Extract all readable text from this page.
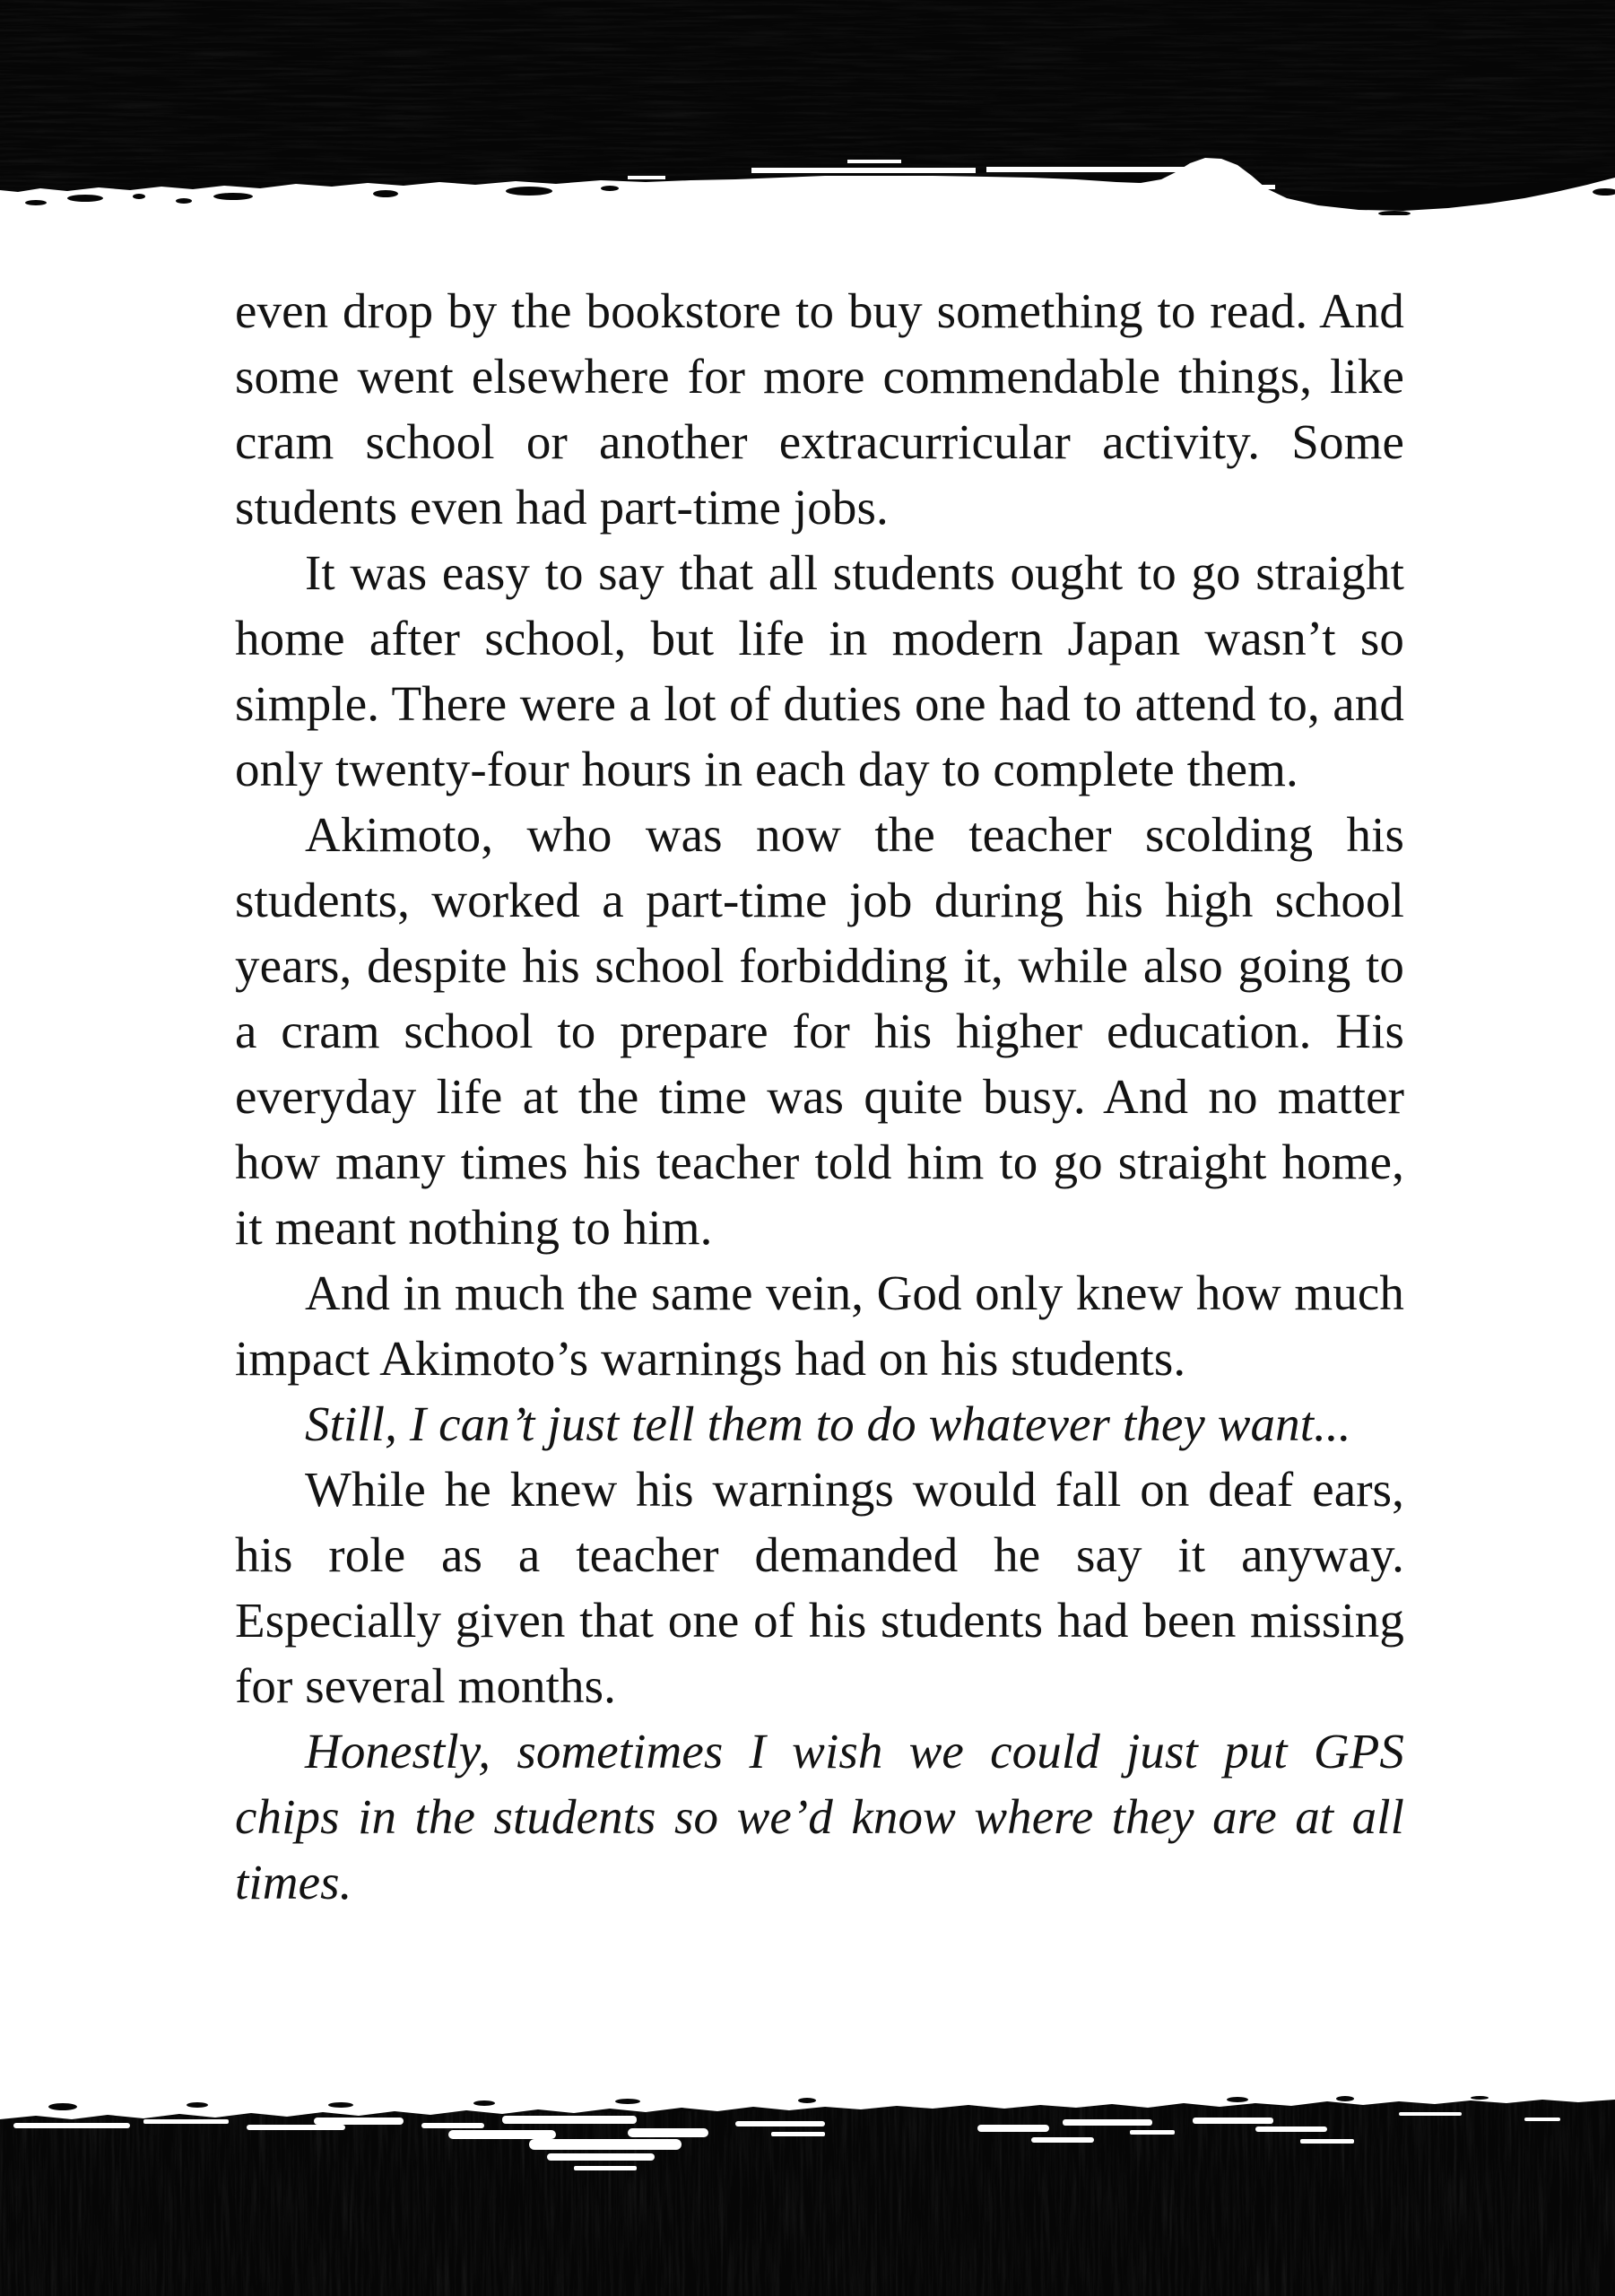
even drop by the bookstore to buy something to read. And some went elsewhere for more commendable things, like cram school or another extracurricular activity. Some students even had part-time jobs.

It was easy to say that all students ought to go straight home after school, but life in modern Japan wasn’t so simple. There were a lot of duties one had to attend to, and only twenty-four hours in each day to complete them.

Akimoto, who was now the teacher scolding his students, worked a part-time job during his high school years, despite his school forbidding it, while also going to a cram school to prepare for his higher education. His everyday life at the time was quite busy. And no matter how many times his teacher told him to go straight home, it meant nothing to him.

And in much the same vein, God only knew how much impact Akimoto’s warnings had on his students.

Still, I can’t just tell them to do whatever they want...

While he knew his warnings would fall on deaf ears, his role as a teacher demanded he say it anyway. Especially given that one of his students had been missing for several months.

Honestly, sometimes I wish we could just put GPS chips in the students so we’d know where they are at all times.
